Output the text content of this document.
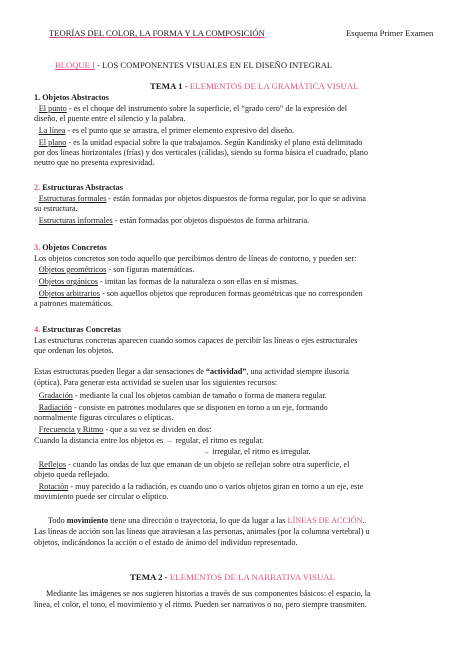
TEORÍAS DEL COLOR, LA FORMA Y LA COMPOSICIÓN	Esquema Primer Examen
BLOQUE I - LOS COMPONENTES VISUALES EN EL DISEÑO INTEGRAL
TEMA 1 - ELEMENTOS DE LA GRAMÁTICA VISUAL
1. Objetos Abstractos
· El punto - es el choque del instrumento sobre la superficie, el “grado cero” de la expresión del
diseño, el puente entre el silencio y la palabra.
· La línea - es el punto que se arrastra, el primer elemento expresivo del diseño.
· El plano - es la unidad espacial sobre la que trabajamos. Según Kandinsky el plano está delimitado
por dos líneas horizontales (frías) y dos verticales (cálidas), siendo su forma básica el cuadrado, plano
neutro que no presenta expresividad.
2. Estructuras Abstractas
· Estructuras formales - están formadas por objetos dispuestos de forma regular, por lo que se adivina
su estructura.
· Estructuras informales - están formadas por objetos dispuestos de forma arbitraria.
3. Objetos Concretos
Los objetos concretos son todo aquello que percibimos dentro de líneas de contorno, y pueden ser:
· Objetos geométricos - son figuras matemáticas.
· Objetos orgánicos - imitan las formas de la naturaleza o son ellas en sí mismas.
· Objetos arbitrarios - son aquellos objetos que reproducen formas geométricas que no corresponden
a patrones matemáticos.
4. Estructuras Concretas
Las estructuras concretas aparecen cuando somos capaces de percibir las líneas o ejes estructurales
que ordenan los objetos.
Estas estructuras pueden llegar a dar sensaciones de “actividad”, una actividad siempre ilusoria
(óptica). Para generar esta actividad se suelen usar los siguientes recursos:
· Gradación - mediante la cual los objetos cambian de tamaño o forma de manera regular.
· Radiación - consiste en patrones modulares que se disponen en torno a un eje, formando
normalmente figuras circulares o elípticas.
· Frecuencia y Ritmo - que a su vez se dividen en dos:
Cuando la distancia entre los objetos es → regular, el ritmo es regular.
→ irregular, el ritmo es irregular.
· Reflejos - cuando las ondas de luz que emanan de un objeto se reflejan sobre otra superficie, el
objeto queda reflejado.
· Rotación - muy parecido a la radiación, es cuando uno o varios objetos giran en torno a un eje, este
movimiento puede ser circular o elíptico.
Todo movimiento tiene una dirección o trayectoria, lo que da lugar a las LÍNEAS DE ACCIÓN.
Las líneas de acción son las líneas que atraviesan a las personas, animales (por la columna vertebral) u
objetos, indicándonos la acción o el estado de ánimo del individuo representado.
TEMA 2 - ELEMENTOS DE LA NARRATIVA VISUAL
Mediante las imágenes se nos sugieren historias a través de sus componentes básicos: el espacio, la
línea, el color, el tono, el movimiento y el ritmo. Pueden ser narrativos o no, pero siempre transmiten.
